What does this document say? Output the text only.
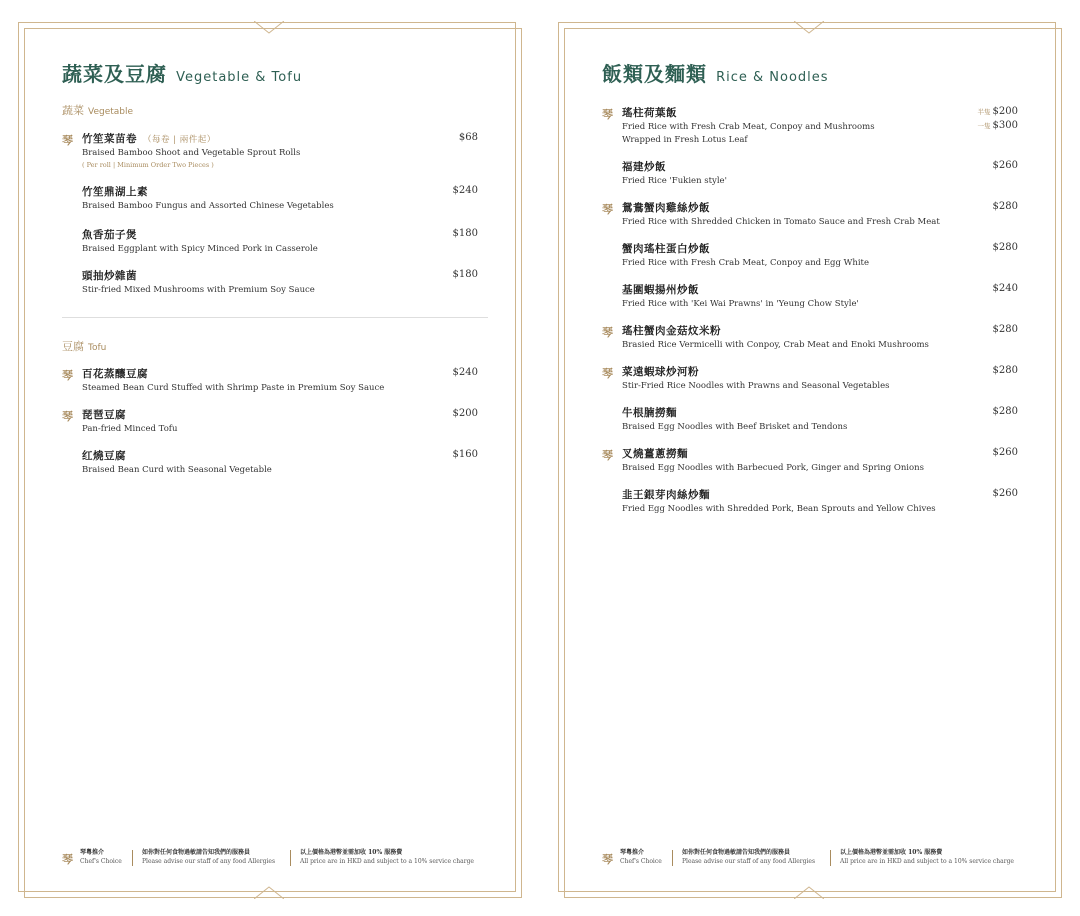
蔬菜及豆腐 Vegetable & Tofu
蔬菜 Vegetable
琴 竹笙菜苗卷 （每卷 | 兩件起）
Braised Bamboo Shoot and Vegetable Sprout Rolls
( Per roll | Minimum Order Two Pieces )
$68
竹笙鼎湖上素
Braised Bamboo Fungus and Assorted Chinese Vegetables
$240
魚香茄子煲
Braised Eggplant with Spicy Minced Pork in Casserole
$180
頭抽炒雜菌
Stir-fried Mixed Mushrooms with Premium Soy Sauce
$180
豆腐 Tofu
琴 百花蒸釀豆腐
Steamed Bean Curd Stuffed with Shrimp Paste in Premium Soy Sauce
$240
琴 琵琶豆腐
Pan-fried Minced Tofu
$200
红燒豆腐
Braised Bean Curd with Seasonal Vegetable
$160
琴
琴粵推介
Chef's Choice
如你對任何食物過敏請告知我們的服務員
Please advise our staff of any food Allergies
以上價格為港幣並需加收 10% 服務費
All price are in HKD and subject to a 10% service charge
飯類及麵類 Rice & Noodles
琴 瑤柱荷葉飯
Fried Rice with Fresh Crab Meat, Conpoy and Mushrooms Wrapped in Fresh Lotus Leaf
半隻 $200
一隻 $300
福建炒飯
Fried Rice 'Fukien style'
$260
琴 鴛鴦蟹肉雞絲炒飯
Fried Rice with Shredded Chicken in Tomato Sauce and Fresh Crab Meat
$280
蟹肉瑤柱蛋白炒飯
Fried Rice with Fresh Crab Meat, Conpoy and Egg White
$280
基圍蝦揚州炒飯
Fried Rice with 'Kei Wai Prawns' in 'Yeung Chow Style'
$240
琴 瑤柱蟹肉金菇炆米粉
Brasied Rice Vermicelli with Conpoy, Crab Meat and Enoki Mushrooms
$280
琴 菜遠蝦球炒河粉
Stir-Fried Rice Noodles with Prawns and Seasonal Vegetables
$280
牛根腩撈麵
Braised Egg Noodles with Beef Brisket and Tendons
$280
琴 叉燒薑蔥撈麵
Braised Egg Noodles with Barbecued Pork, Ginger and Spring Onions
$260
韭王銀芽肉絲炒麵
Fried Egg Noodles with Shredded Pork, Bean Sprouts and Yellow Chives
$260
琴
琴粵推介
Chef's Choice
如你對任何食物過敏請告知我們的服務員
Please advise our staff of any food Allergies
以上價格為港幣並需加收 10% 服務費
All price are in HKD and subject to a 10% service charge
